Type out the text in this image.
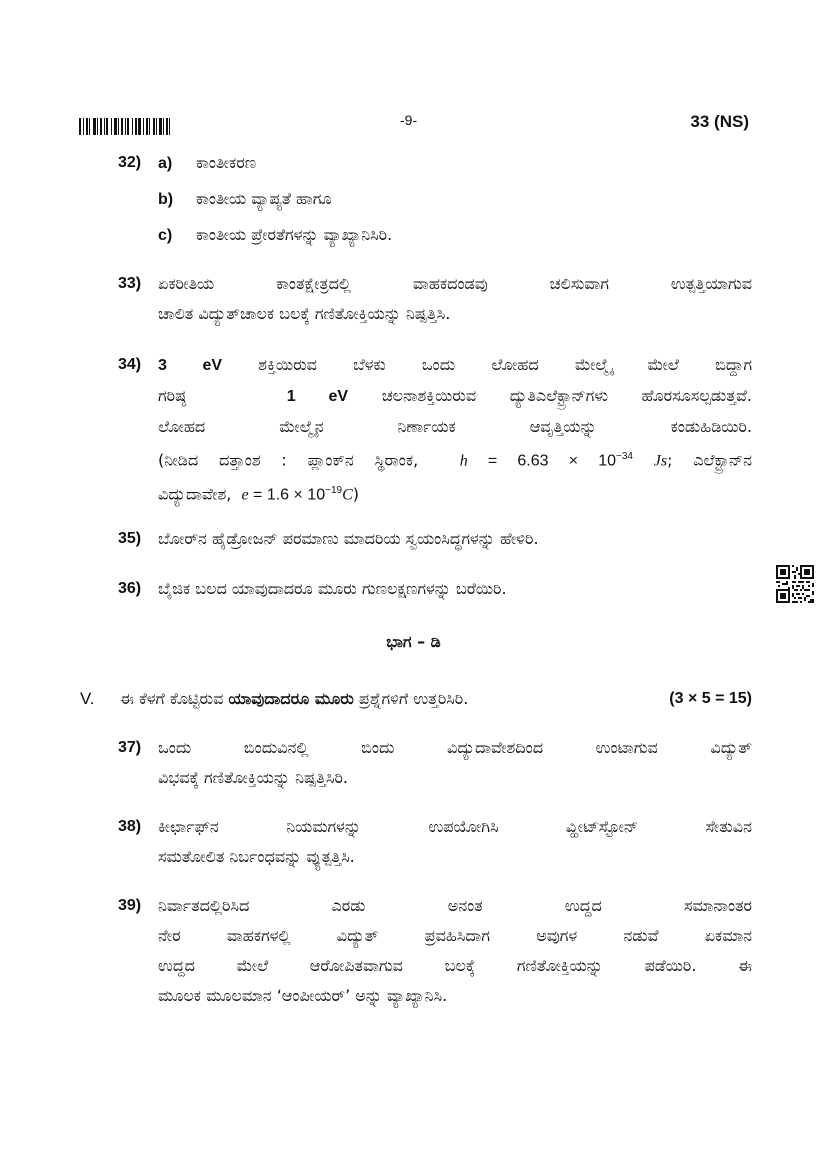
-9-	33 (NS)
32) a) ಕಾಂತೀಕರಣ
b) ಕಾಂತೀಯ ವ್ಯಾಪ್ಯತೆ ಹಾಗೂ
c) ಕಾಂತೀಯ ಪ್ರೇರತೆಗಳನ್ನು ವ್ಯಾಖ್ಯಾನಿಸಿರಿ.
33) ಏಕರೀತಿಯ ಕಾಂತಕ್ಷೇತ್ರದಲ್ಲಿ ವಾಹಕದಂಡವು ಚಲಿಸುವಾಗ ಉತ್ಪತ್ತಿಯಾಗುವ
ಚಾಲಿತ ವಿದ್ಯುತ್‌ಚಾಲಕ ಬಲಕ್ಕೆ ಗಣಿತೋಕ್ತಿಯನ್ನು ನಿಷ್ಪತ್ತಿಸಿ.
34) 3 eV ಶಕ್ತಿಯಿರುವ ಬೆಳಕು ಒಂದು ಲೋಹದ ಮೇಲ್ಮೈ ಮೇಲೆ ಬಿದ್ದಾಗ
ಗರಿಷ್ಠ	1 eV ಚಲನಾಶಕ್ತಿಯಿರುವ ದ್ಯುತಿಎಲೆಕ್ಟ್ರಾನ್‌ಗಳು ಹೊರಸೂಸಲ್ಪಡುತ್ತವೆ.
ಲೋಹದ ಮೇಲ್ಮೈನ ನಿರ್ಣಾಯಕ ಆವೃತ್ತಿಯನ್ನು ಕಂಡುಹಿಡಿಯಿರಿ.
(ನೀಡಿದ ದತ್ತಾಂಶ : ಪ್ಲಾಂಕ್‌ನ ಸ್ಥಿರಾಂಕ,	$h = 6.63 \times 10^{-34}$ Js; ಎಲೆಕ್ಟ್ರಾನ್‌ನ
ವಿದ್ಯುದಾವೇಶ, $e = 1.6 \times 10^{-19}C$)
35) ಬೋರ್‌ನ ಹೈಡ್ರೋಜನ್ ಪರಮಾಣು ಮಾದರಿಯ ಸ್ವಯಂಸಿದ್ಧಗಳನ್ನು ಹೇಳಿರಿ.
36) ಬೈಜಿಕ ಬಲದ ಯಾವುದಾದರೂ ಮೂರು ಗುಣಲಕ್ಷಣಗಳನ್ನು ಬರೆಯಿರಿ.
ಭಾಗ – ಡಿ
V. ಈ ಕೆಳಗೆ ಕೊಟ್ಟಿರುವ ಯಾವುದಾದರೂ ಮೂರು ಪ್ರಶ್ನೆಗಳಿಗೆ ಉತ್ತರಿಸಿರಿ.	(3 × 5 = 15)
37) ಒಂದು ಬಿಂದುವಿನಲ್ಲಿ ಬಿಂದು ವಿದ್ಯುದಾವೇಶದಿಂದ ಉಂಟಾಗುವ ವಿದ್ಯುತ್
ವಿಭವಕ್ಕೆ ಗಣಿತೋಕ್ತಿಯನ್ನು ನಿಷ್ಪತ್ತಿಸಿರಿ.
38) ಕೀರ್ಛಾಫ್‌ನ ನಿಯಮಗಳನ್ನು ಉಪಯೋಗಿಸಿ ವ್ಹೀಟ್‌ಸ್ಟೋನ್ ಸೇತುವಿನ
ಸಮತೋಲಿತ ನಿರ್ಬಂಧವನ್ನು ವ್ಯುತ್ಪತ್ತಿಸಿ.
39) ನಿರ್ವಾತದಲ್ಲಿರಿಸಿದ ಎರಡು ಅನಂತ ಉದ್ದದ ಸಮಾನಾಂತರ
ನೇರ ವಾಹಕಗಳಲ್ಲಿ ವಿದ್ಯುತ್ ಪ್ರವಹಿಸಿದಾಗ ಅವುಗಳ ನಡುವೆ ಏಕಮಾನ
ಉದ್ದದ ಮೇಲೆ ಆರೋಪಿತವಾಗುವ ಬಲಕ್ಕೆ ಗಣಿತೋಕ್ತಿಯನ್ನು ಪಡೆಯಿರಿ. ಈ
ಮೂಲಕ ಮೂಲಮಾನ ‘ಆಂಪೀಯರ್’ ಅನ್ನು ವ್ಯಾಖ್ಯಾನಿಸಿ.
